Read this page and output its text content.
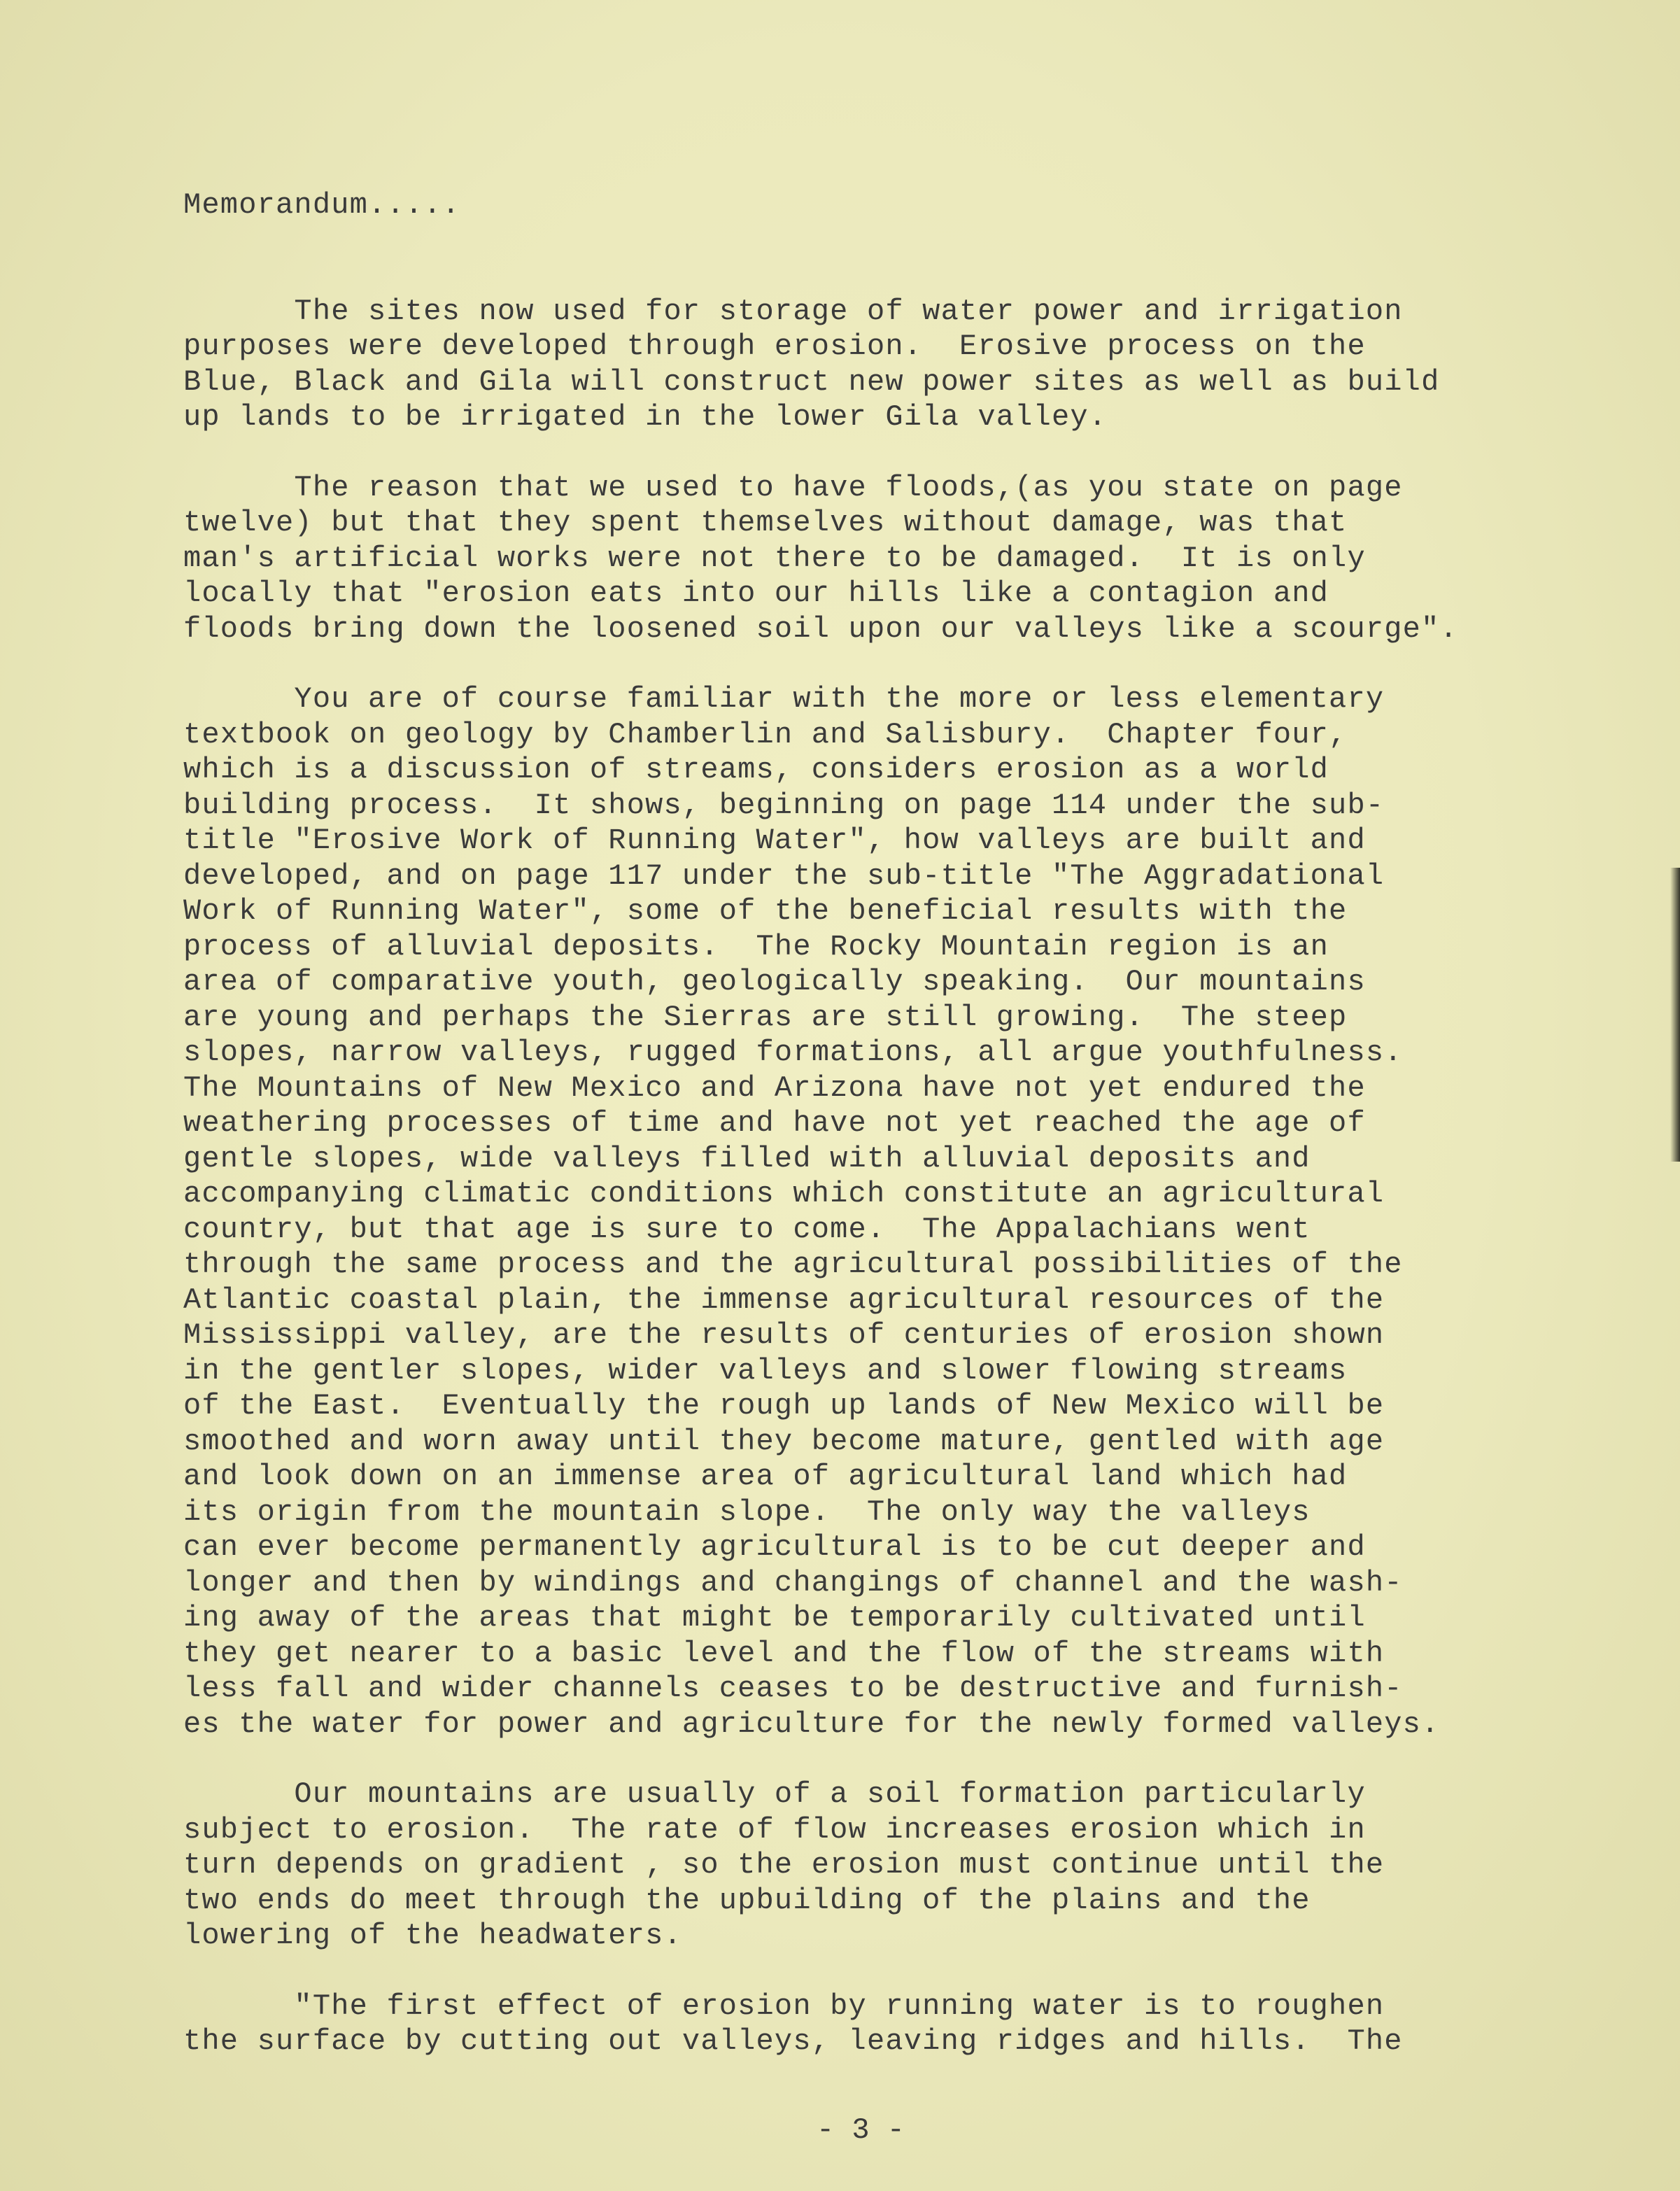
Memorandum.....
The sites now used for storage of water power and irrigation
purposes were developed through erosion.  Erosive process on the
Blue, Black and Gila will construct new power sites as well as build
up lands to be irrigated in the lower Gila valley.
The reason that we used to have floods,(as you state on page
twelve) but that they spent themselves without damage, was that
man's artificial works were not there to be damaged.  It is only
locally that "erosion eats into our hills like a contagion and
floods bring down the loosened soil upon our valleys like a scourge".
You are of course familiar with the more or less elementary
textbook on geology by Chamberlin and Salisbury.  Chapter four,
which is a discussion of streams, considers erosion as a world
building process.  It shows, beginning on page 114 under the sub-
title "Erosive Work of Running Water", how valleys are built and
developed, and on page 117 under the sub-title "The Aggradational
Work of Running Water", some of the beneficial results with the
process of alluvial deposits.  The Rocky Mountain region is an
area of comparative youth, geologically speaking.  Our mountains
are young and perhaps the Sierras are still growing.  The steep
slopes, narrow valleys, rugged formations, all argue youthfulness.
The Mountains of New Mexico and Arizona have not yet endured the
weathering processes of time and have not yet reached the age of
gentle slopes, wide valleys filled with alluvial deposits and
accompanying climatic conditions which constitute an agricultural
country, but that age is sure to come.  The Appalachians went
through the same process and the agricultural possibilities of the
Atlantic coastal plain, the immense agricultural resources of the
Mississippi valley, are the results of centuries of erosion shown
in the gentler slopes, wider valleys and slower flowing streams
of the East.  Eventually the rough up lands of New Mexico will be
smoothed and worn away until they become mature, gentled with age
and look down on an immense area of agricultural land which had
its origin from the mountain slope.  The only way the valleys
can ever become permanently agricultural is to be cut deeper and
longer and then by windings and changings of channel and the wash-
ing away of the areas that might be temporarily cultivated until
they get nearer to a basic level and the flow of the streams with
less fall and wider channels ceases to be destructive and furnish-
es the water for power and agriculture for the newly formed valleys.
Our mountains are usually of a soil formation particularly
subject to erosion.  The rate of flow increases erosion which in
turn depends on gradient , so the erosion must continue until the
two ends do meet through the upbuilding of the plains and the
lowering of the headwaters.
"The first effect of erosion by running water is to roughen
the surface by cutting out valleys, leaving ridges and hills.  The
- 3 -
